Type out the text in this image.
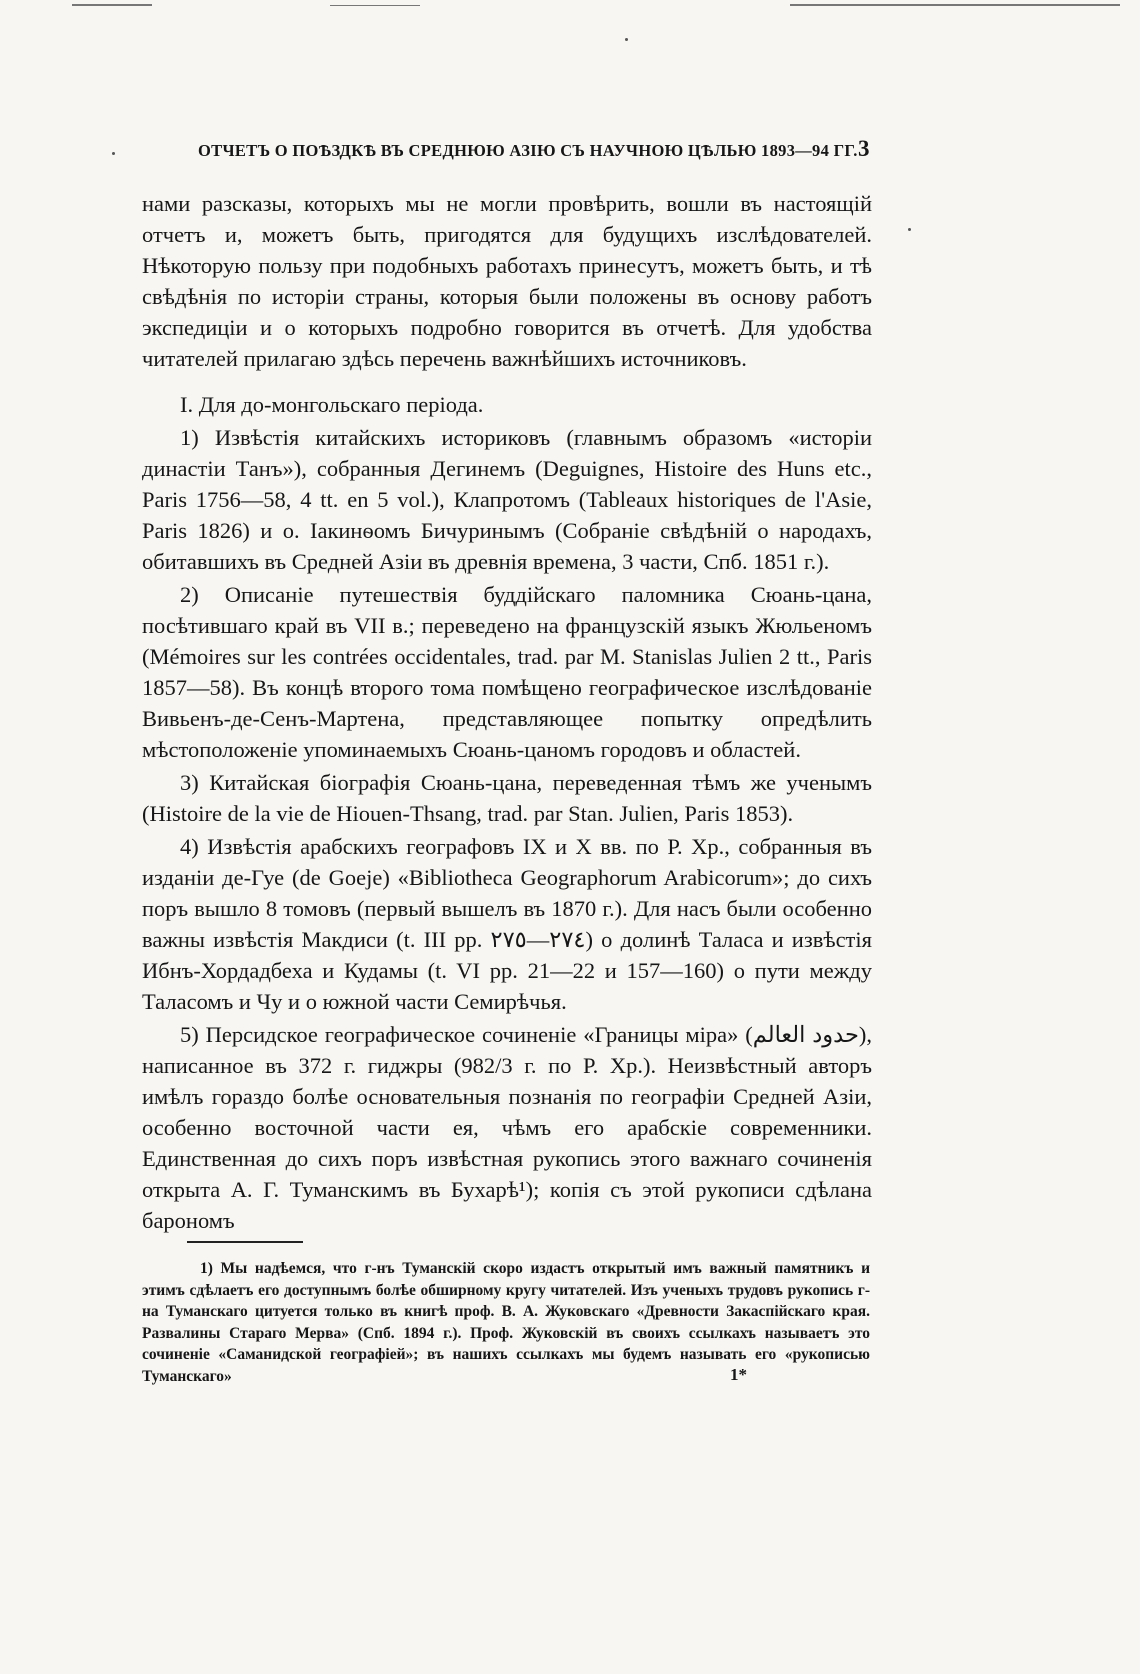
ОТЧЕТЪ О ПОѢЗДКѢ ВЪ СРЕДНЮЮ АЗІЮ СЪ НАУЧНОЮ ЦѢЛЬЮ 1893—94 ГГ. 3

нами разсказы, которыхъ мы не могли провѣрить, вошли въ настоящій отчетъ и, можетъ быть, пригодятся для будущихъ изслѣдователей. Нѣкоторую пользу при подобныхъ работахъ принесутъ, можетъ быть, и тѣ свѣдѣнія по исторіи страны, которыя были положены въ основу работъ экспедиціи и о которыхъ подробно говорится въ отчетѣ. Для удобства читателей прилагаю здѣсь перечень важнѣйшихъ источниковъ.

I. Для до-монгольскаго періода.

1) Извѣстія китайскихъ историковъ (главнымъ образомъ «исторіи династіи Танъ»), собранныя Дегинемъ (Deguignes, Histoire des Huns etc., Paris 1756—58, 4 tt. en 5 vol.), Клапротомъ (Tableaux historiques de l'Asie, Paris 1826) и о. Іакинѳомъ Бичуринымъ (Собраніе свѣдѣній о народахъ, обитавшихъ въ Средней Азіи въ древнія времена, 3 части, Спб. 1851 г.).

2) Описаніе путешествія буддійскаго паломника Сюань-цана, посѣтившаго край въ VII в.; переведено на французскій языкъ Жюльеномъ (Mémoires sur les contrées occidentales, trad. par M. Stanislas Julien 2 tt., Paris 1857—58). Въ концѣ второго тома помѣщено географическое изслѣдованіе Вивьенъ-де-Сенъ-Мартена, представляющее попытку опредѣлить мѣстоположеніе упоминаемыхъ Сюань-цаномъ городовъ и областей.

3) Китайская біографія Сюань-цана, переведенная тѣмъ же ученымъ (Histoire de la vie de Hiouen-Thsang, trad. par Stan. Julien, Paris 1853).

4) Извѣстія арабскихъ географовъ IX и X вв. по Р. Хр., собранныя въ изданіи де-Гуе (de Goeje) «Bibliotheca Geographorum Arabicorum»; до сихъ поръ вышло 8 томовъ (первый вышелъ въ 1870 г.). Для насъ были особенно важны извѣстія Макдиси (t. III pp. ٢٧٤—٢٧٥) о долинѣ Таласа и извѣстія Ибнъ-Хордадбеха и Кудамы (t. VI pp. 21—22 и 157—160) о пути между Таласомъ и Чу и о южной части Семирѣчья.

5) Персидское географическое сочиненіе «Границы міра» (حدود العالم), написанное въ 372 г. гиджры (982/3 г. по Р. Хр.). Неизвѣстный авторъ имѣлъ гораздо болѣе основательныя познанія по географіи Средней Азіи, особенно восточной части ея, чѣмъ его арабскіе современники. Единственная до сихъ поръ извѣстная рукопись этого важнаго сочиненія открыта А. Г. Туманскимъ въ Бухарѣ¹); копія съ этой рукописи сдѣлана барономъ

1) Мы надѣемся, что г-нъ Туманскій скоро издастъ открытый имъ важный памятникъ и этимъ сдѣлаетъ его доступнымъ болѣе обширному кругу читателей. Изъ ученыхъ трудовъ рукопись г-на Туманскаго цитуется только въ книгѣ проф. В. А. Жуковскаго «Древности Закаспійскаго края. Развалины Стараго Мерва» (Спб. 1894 г.). Проф. Жуковскій въ своихъ ссылкахъ называетъ это сочиненіе «Саманидской географіей»; въ нашихъ ссылкахъ мы будемъ называть его «рукописью Туманскаго»	1*
